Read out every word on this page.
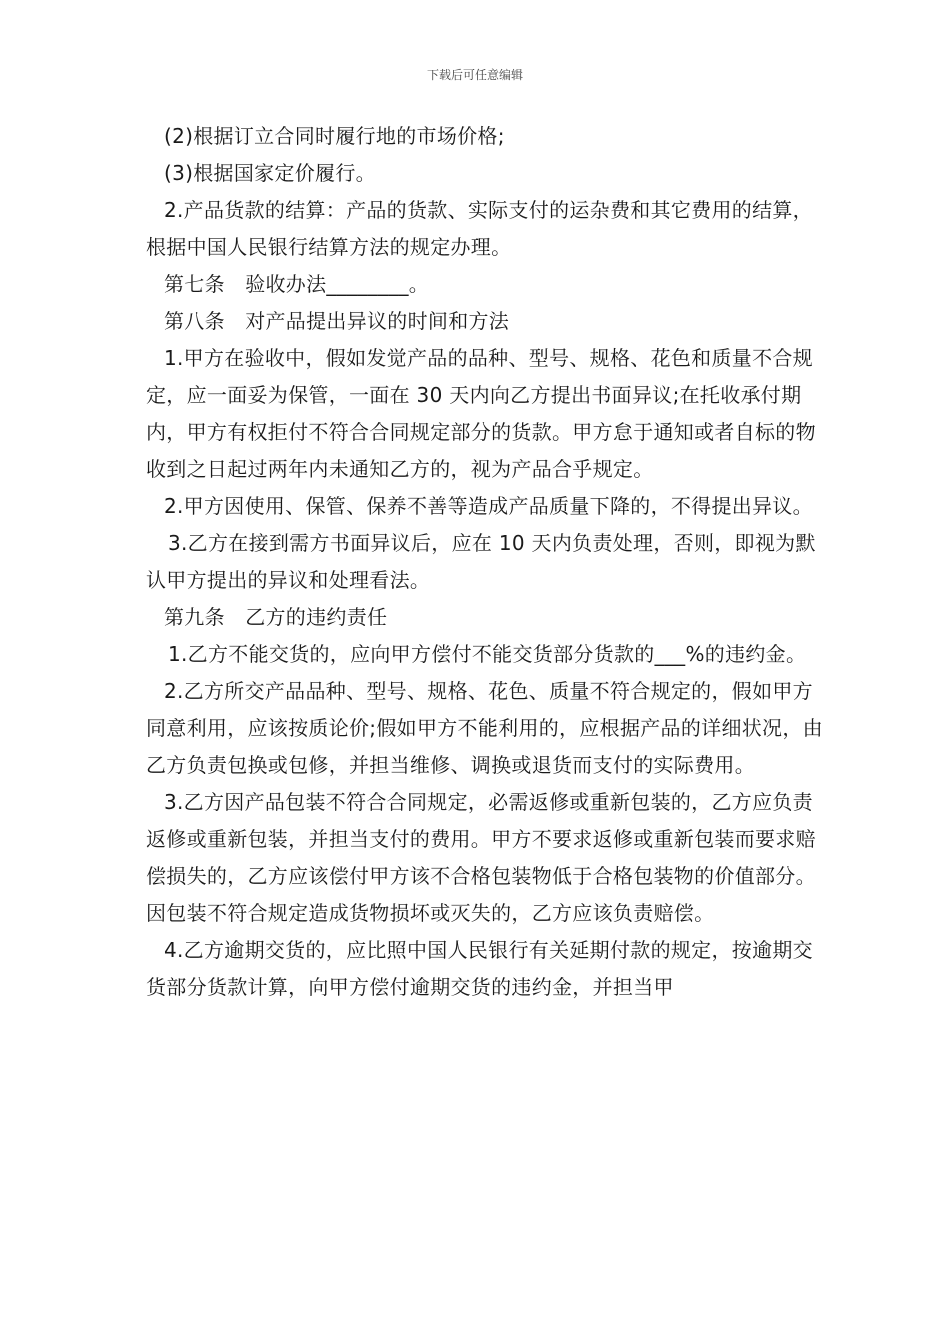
下载后可任意编辑

(2)根据订立合同时履行地的市场价格;

(3)根据国家定价履行。

2.产品货款的结算：产品的货款、实际支付的运杂费和其它费用的结算，根据中国人民银行结算方法的规定办理。

第七条　验收办法________。

第八条　对产品提出异议的时间和方法

1.甲方在验收中，假如发觉产品的品种、型号、规格、花色和质量不合规定，应一面妥为保管，一面在 30 天内向乙方提出书面异议;在托收承付期内，甲方有权拒付不符合合同规定部分的货款。甲方怠于通知或者自标的物收到之日起过两年内未通知乙方的，视为产品合乎规定。

2.甲方因使用、保管、保养不善等造成产品质量下降的，不得提出异议。

3.乙方在接到需方书面异议后，应在 10 天内负责处理，否则，即视为默认甲方提出的异议和处理看法。

第九条　乙方的违约责任

1.乙方不能交货的，应向甲方偿付不能交货部分货款的___%的违约金。

2.乙方所交产品品种、型号、规格、花色、质量不符合规定的，假如甲方同意利用，应该按质论价;假如甲方不能利用的，应根据产品的详细状况，由乙方负责包换或包修，并担当维修、调换或退货而支付的实际费用。

3.乙方因产品包装不符合合同规定，必需返修或重新包装的，乙方应负责返修或重新包装，并担当支付的费用。甲方不要求返修或重新包装而要求赔偿损失的，乙方应该偿付甲方该不合格包装物低于合格包装物的价值部分。因包装不符合规定造成货物损坏或灭失的，乙方应该负责赔偿。

4.乙方逾期交货的，应比照中国人民银行有关延期付款的规定，按逾期交货部分货款计算，向甲方偿付逾期交货的违约金，并担当甲
